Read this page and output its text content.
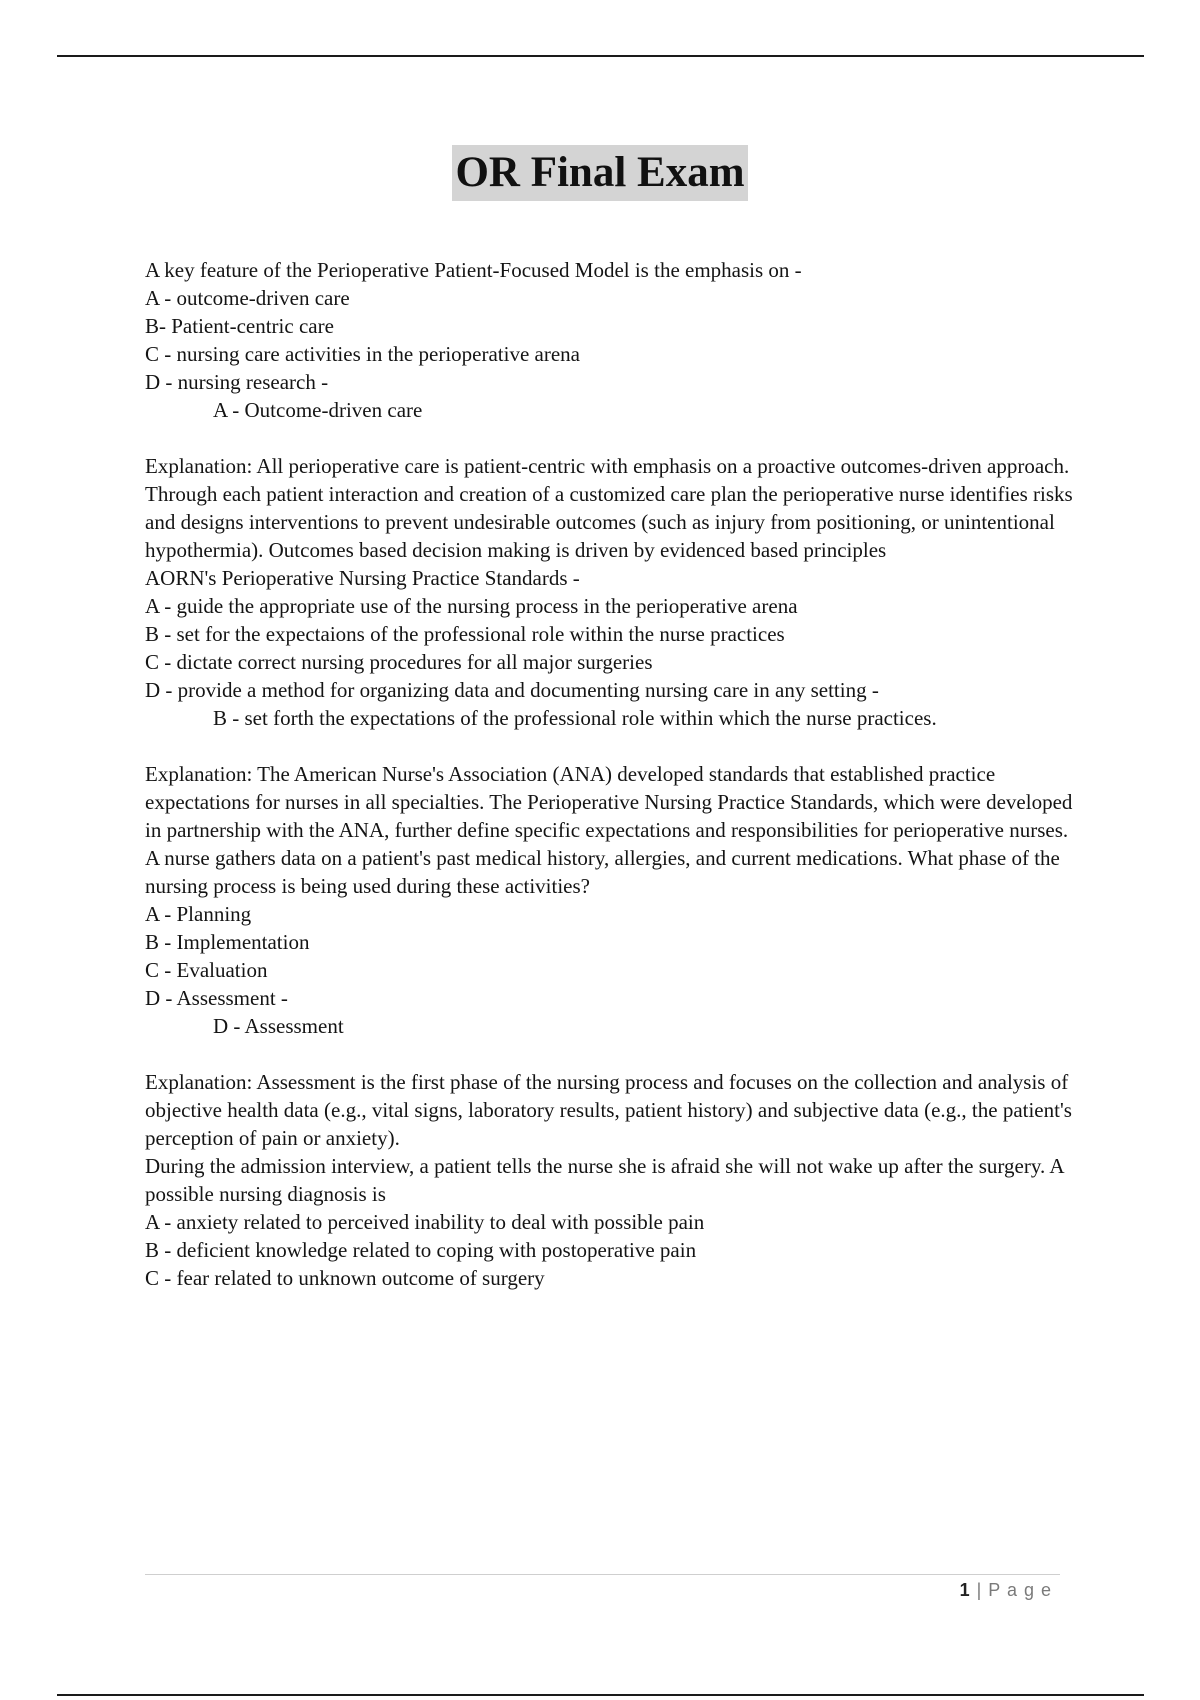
OR Final Exam

A key feature of the Perioperative Patient-Focused Model is the emphasis on -

A - outcome-driven care

B- Patient-centric care

C - nursing care activities in the perioperative arena

D - nursing research -

A - Outcome-driven care

Explanation: All perioperative care is patient-centric with emphasis on a proactive outcomes-driven approach. Through each patient interaction and creation of a customized care plan the perioperative nurse identifies risks and designs interventions to prevent undesirable outcomes (such as injury from positioning, or unintentional hypothermia). Outcomes based decision making is driven by evidenced based principles

AORN's Perioperative Nursing Practice Standards -

A - guide the appropriate use of the nursing process in the perioperative arena

B - set for the expectaions of the professional role within the nurse practices

C - dictate correct nursing procedures for all major surgeries

D - provide a method for organizing data and documenting nursing care in any setting -

B - set forth the expectations of the professional role within which the nurse practices.

Explanation: The American Nurse's Association (ANA) developed standards that established practice expectations for nurses in all specialties. The Perioperative Nursing Practice Standards, which were developed in partnership with the ANA, further define specific expectations and responsibilities for perioperative nurses.

A nurse gathers data on a patient's past medical history, allergies, and current medications. What phase of the nursing process is being used during these activities?

A - Planning

B - Implementation

C - Evaluation

D - Assessment -

D - Assessment

Explanation: Assessment is the first phase of the nursing process and focuses on the collection and analysis of objective health data (e.g., vital signs, laboratory results, patient history) and subjective data (e.g., the patient's perception of pain or anxiety).

During the admission interview, a patient tells the nurse she is afraid she will not wake up after the surgery. A possible nursing diagnosis is

A - anxiety related to perceived inability to deal with possible pain

B - deficient knowledge related to coping with postoperative pain

C - fear related to unknown outcome of surgery

1 | P a g e
